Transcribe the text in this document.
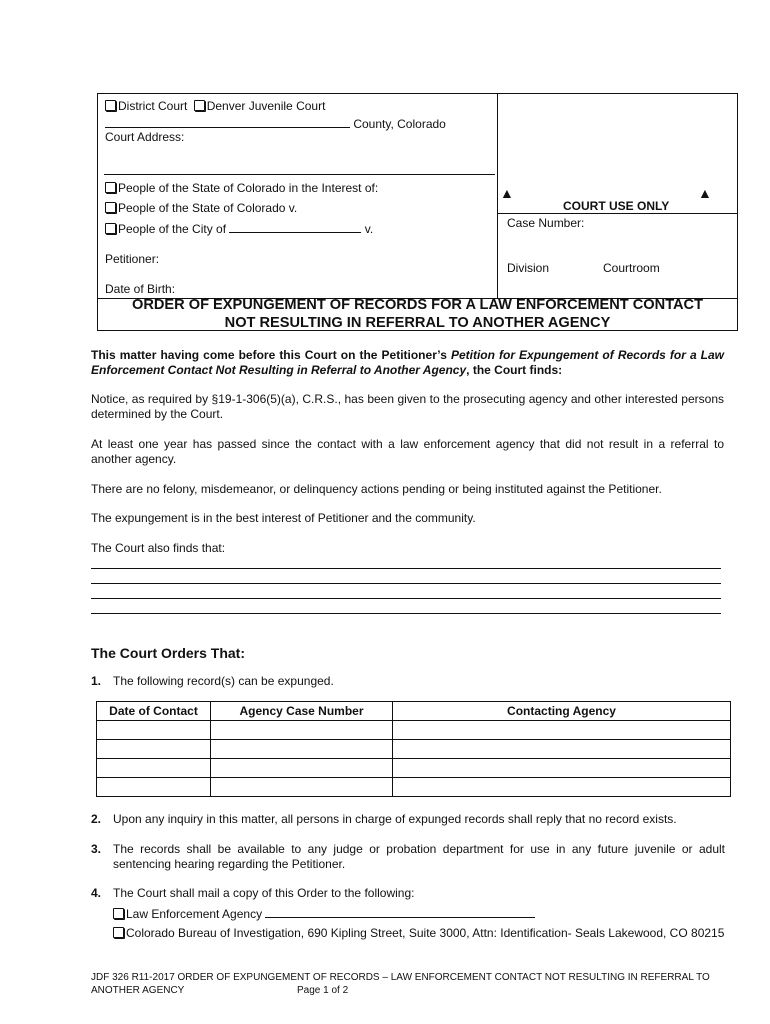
District Court Denver Juvenile Court
County, Colorado
Court Address:
People of the State of Colorado in the Interest of:
People of the State of Colorado v.
People of the City of	v.
Petitioner:
Date of Birth:
▲
COURT USE ONLY
▲
Case Number:
Division	Courtroom
ORDER OF EXPUNGEMENT OF RECORDS FOR A LAW ENFORCEMENT CONTACT
NOT RESULTING IN REFERRAL TO ANOTHER AGENCY
This matter having come before this Court on the Petitioner’s Petition for Expungement of Records for a Law Enforcement Contact Not Resulting in Referral to Another Agency, the Court finds:
Notice, as required by §19-1-306(5)(a), C.R.S., has been given to the prosecuting agency and other interested persons determined by the Court.
At least one year has passed since the contact with a law enforcement agency that did not result in a referral to another agency.
There are no felony, misdemeanor, or delinquency actions pending or being instituted against the Petitioner.
The expungement is in the best interest of Petitioner and the community.
The Court also finds that:
The Court Orders That:
1. The following record(s) can be expunged.
Date of Contact	Agency Case Number	Contacting Agency

2. Upon any inquiry in this matter, all persons in charge of expunged records shall reply that no record exists.
3. The records shall be available to any judge or probation department for use in any future juvenile or adult sentencing hearing regarding the Petitioner.
4. The Court shall mail a copy of this Order to the following:
Law Enforcement Agency
Colorado Bureau of Investigation, 690 Kipling Street, Suite 3000, Attn: Identification- Seals Lakewood, CO 80215
JDF 326 R11-2017 ORDER OF EXPUNGEMENT OF RECORDS – LAW ENFORCEMENT CONTACT NOT RESULTING IN REFERRAL TO
ANOTHER AGENCY	Page 1 of 2
